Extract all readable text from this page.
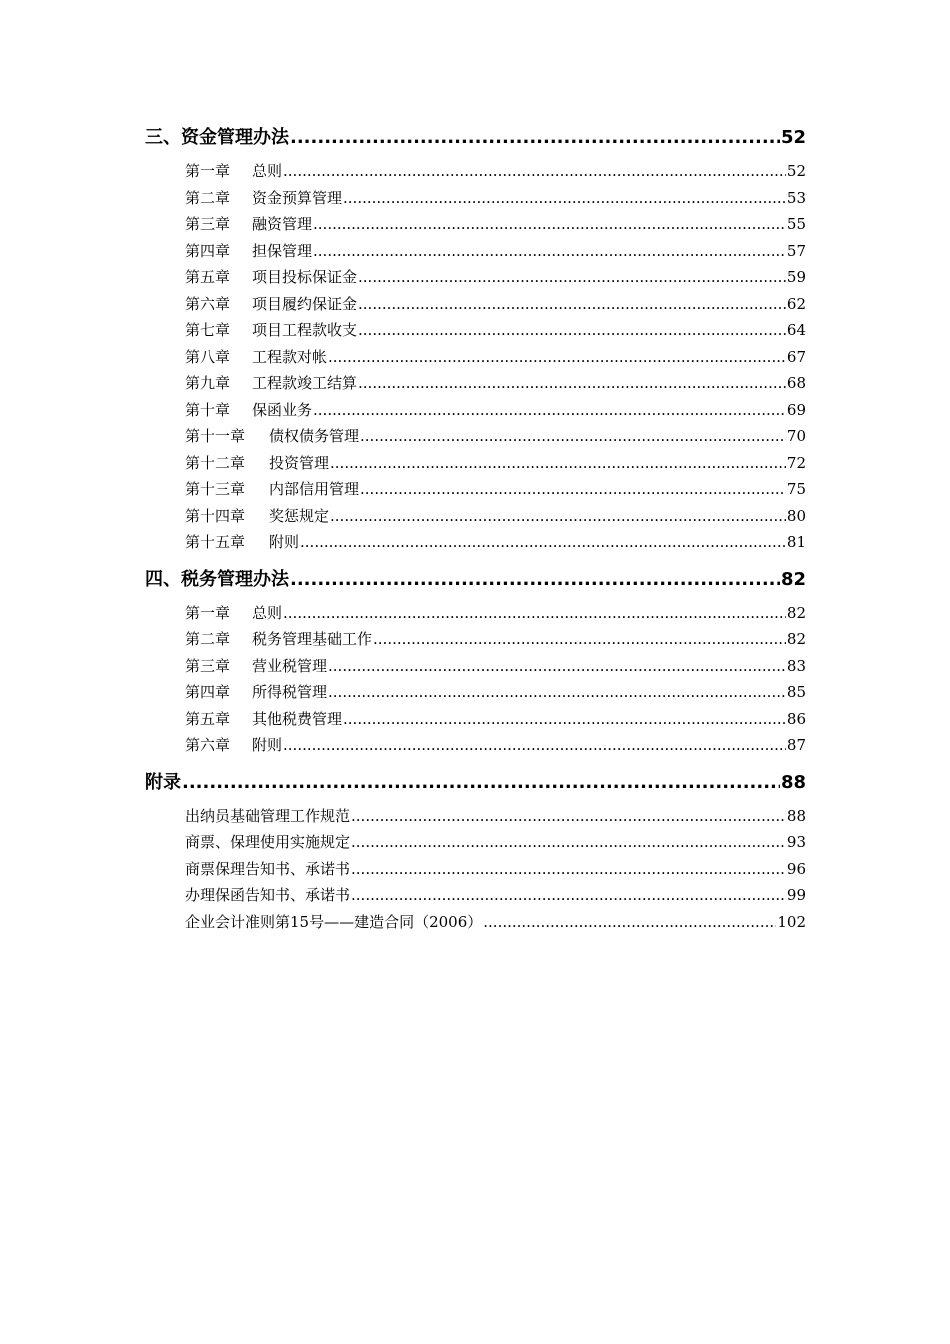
三、资金管理办法 .....	52
第一章	总则 .....	52
第二章	资金预算管理 .....	53
第三章	融资管理 .....	55
第四章	担保管理 .....	57
第五章	项目投标保证金 .....	59
第六章	项目履约保证金 .....	62
第七章	项目工程款收支 .....	64
第八章	工程款对帐 .....	67
第九章	工程款竣工结算 .....	68
第十章	保函业务 .....	69
第十一章	债权债务管理 .....	70
第十二章	投资管理 .....	72
第十三章	内部信用管理 .....	75
第十四章	奖惩规定 .....	80
第十五章	附则 .....	81
四、税务管理办法 .....	82
第一章	总则 .....	82
第二章	税务管理基础工作 .....	82
第三章	营业税管理 .....	83
第四章	所得税管理 .....	85
第五章	其他税费管理 .....	86
第六章	附则 .....	87
附录 .....	88
出纳员基础管理工作规范 .....	88
商票、保理使用实施规定 .....	93
商票保理告知书、承诺书 .....	96
办理保函告知书、承诺书 .....	99
企业会计准则第15号——建造合同（2006） .....	102
